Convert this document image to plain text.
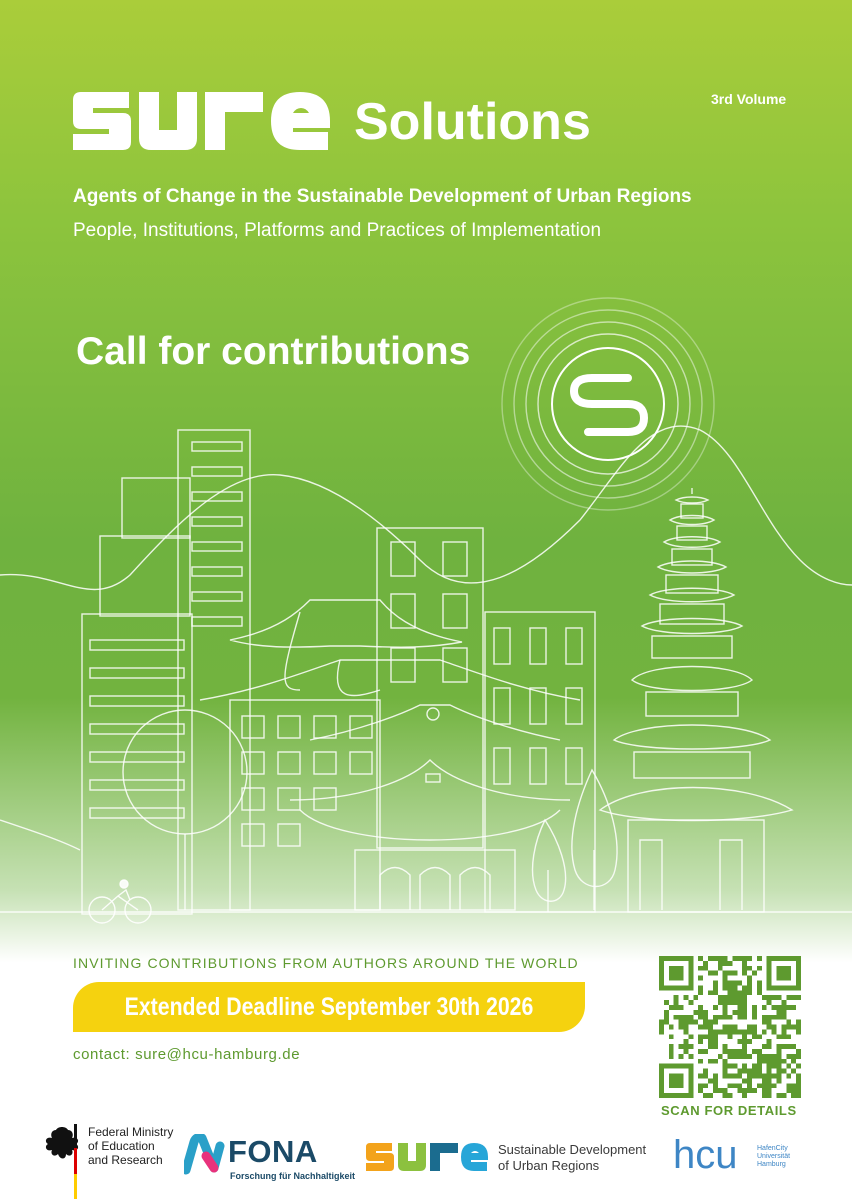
Solutions	3rd Volume
Agents of Change in the Sustainable Development of Urban Regions
People, Institutions, Platforms and Practices of Implementation
Call for contributions
INVITING CONTRIBUTIONS FROM AUTHORS AROUND THE WORLD
Extended Deadline September 30th 2026
contact: sure@hcu-hamburg.de
SCAN FOR DETAILS
Federal Ministry
of Education
and Research	FONA
Forschung für Nachhaltigkeit
Sustainable Development
of Urban Regions	hcu	HafenCity
Universität
Hamburg
